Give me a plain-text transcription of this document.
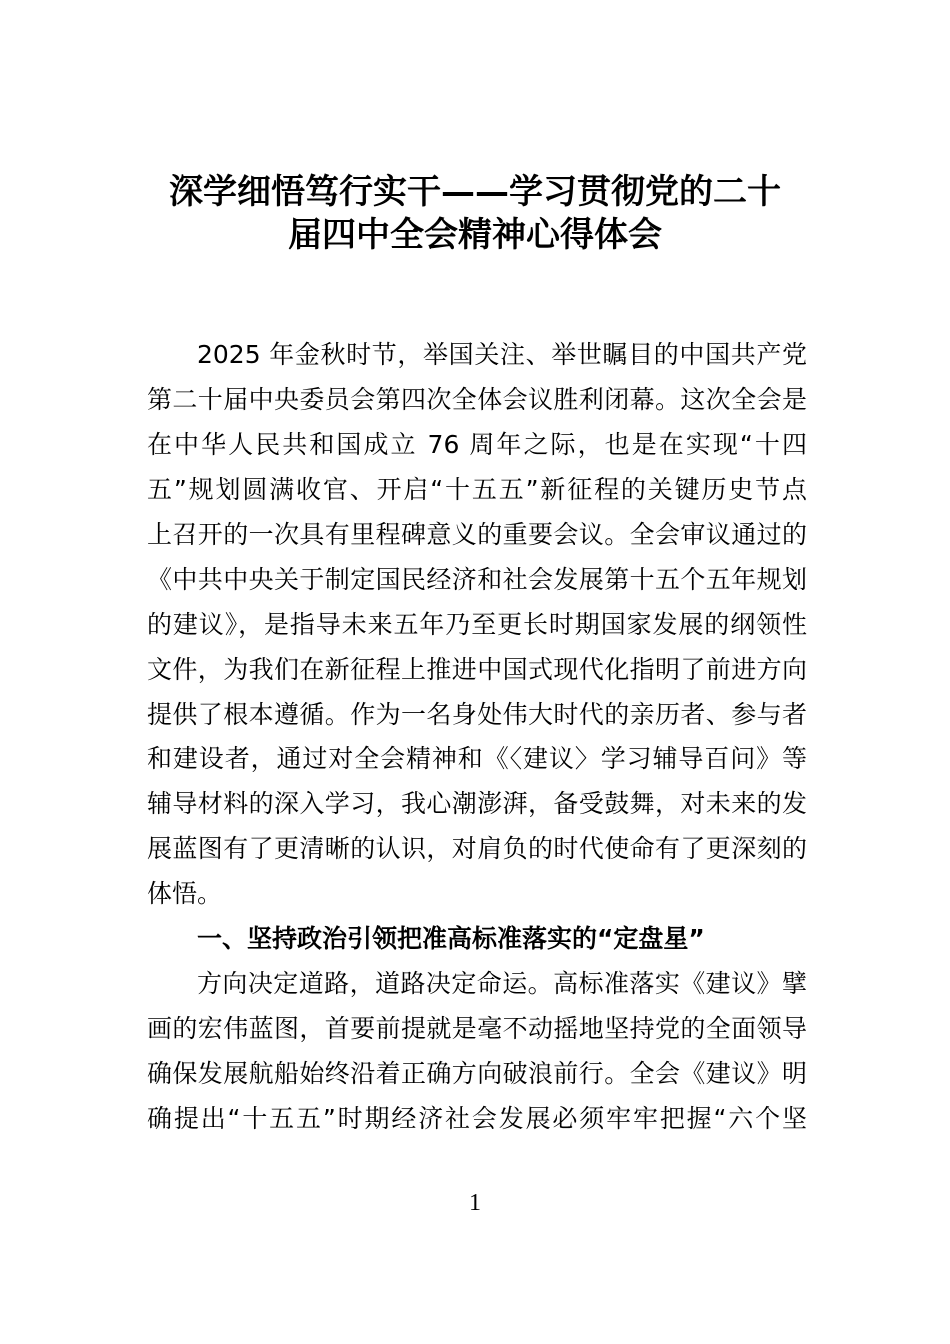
深学细悟笃行实干——学习贯彻党的二十
届四中全会精神心得体会
2025 年金秋时节，举国关注、举世瞩目的中国共产党
第二十届中央委员会第四次全体会议胜利闭幕。这次全会是
在中华人民共和国成立 76 周年之际，也是在实现“十四
五”规划圆满收官、开启“十五五”新征程的关键历史节点
上召开的一次具有里程碑意义的重要会议。全会审议通过的
《中共中央关于制定国民经济和社会发展第十五个五年规划
的建议》，是指导未来五年乃至更长时期国家发展的纲领性
文件，为我们在新征程上推进中国式现代化指明了前进方向
提供了根本遵循。作为一名身处伟大时代的亲历者、参与者
和建设者，通过对全会精神和《〈建议〉学习辅导百问》等
辅导材料的深入学习，我心潮澎湃，备受鼓舞，对未来的发
展蓝图有了更清晰的认识，对肩负的时代使命有了更深刻的
体悟。
一、坚持政治引领把准高标准落实的“定盘星”
方向决定道路，道路决定命运。高标准落实《建议》擘
画的宏伟蓝图，首要前提就是毫不动摇地坚持党的全面领导
确保发展航船始终沿着正确方向破浪前行。全会《建议》明
确提出“十五五”时期经济社会发展必须牢牢把握“六个坚
1
